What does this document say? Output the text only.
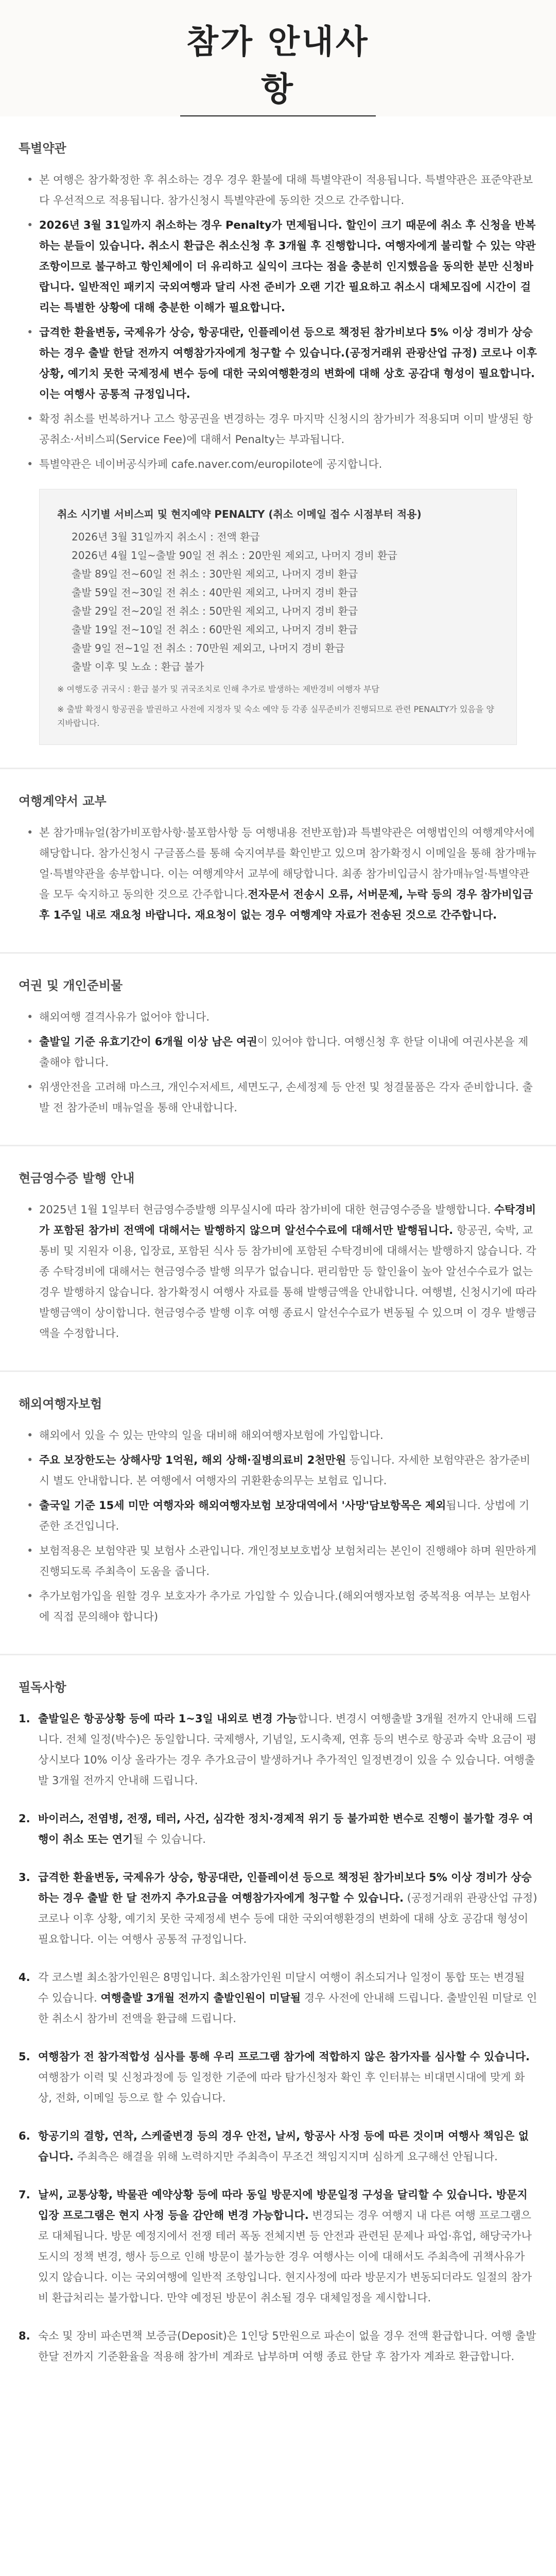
참가 안내사항
특별약관
• 본 여행은 참가확정한 후 취소하는 경우 경우 환불에 대해 특별약관이 적용됩니다. 특별약관은 표준약관보다 우선적으로 적용됩니다. 참가신청시 특별약관에 동의한 것으로 간주합니다.
• 2026년 3월 31일까지 취소하는 경우 Penalty가 면제됩니다. 할인이 크기 때문에 취소 후 신청을 반복하는 분들이 있습니다. 취소시 환급은 취소신청 후 3개월 후 진행합니다. 여행자에게 불리할 수 있는 약관 조항이므로 불구하고 항인체에이 더 유리하고 실익이 크다는 점을 충분히 인지했음을 동의한 분만 신청바랍니다. 일반적인 패키지 국외여행과 달리 사전 준비가 오랜 기간 필요하고 취소시 대체모집에 시간이 걸리는 특별한 상황에 대해 충분한 이해가 필요합니다.
• 급격한 환율변동, 국제유가 상승, 항공대란, 인플레이션 등으로 책정된 참가비보다 5% 이상 경비가 상승하는 경우 출발 한달 전까지 여행참가자에게 청구할 수 있습니다.(공정거래위 관광산업 규정) 코로나 이후 상황, 예기치 못한 국제정세 변수 등에 대한 국외여행환경의 변화에 대해 상호 공감대 형성이 필요합니다. 이는 여행사 공통적 규정입니다.
• 확정 취소를 번복하거나 고스 항공권을 변경하는 경우 마지막 신청시의 참가비가 적용되며 이미 발생된 항공취소·서비스피(Service Fee)에 대해서 Penalty는 부과됩니다.
• 특별약관은 네이버공식카페 cafe.naver.com/europilote에 공지합니다.
취소 시기별 서비스피 및 현지예약 PENALTY (취소 이메일 접수 시점부터 적용)
2026년 3월 31일까지 취소시 : 전액 환급
2026년 4월 1일~출발 90일 전 취소 : 20만원 제외고, 나머지 경비 환급
출발 89일 전~60일 전 취소 : 30만원 제외고, 나머지 경비 환급
출발 59일 전~30일 전 취소 : 40만원 제외고, 나머지 경비 환급
출발 29일 전~20일 전 취소 : 50만원 제외고, 나머지 경비 환급
출발 19일 전~10일 전 취소 : 60만원 제외고, 나머지 경비 환급
출발 9일 전~1일 전 취소 : 70만원 제외고, 나머지 경비 환급
출발 이후 및 노쇼 : 환급 불가
※ 여행도중 귀국시 : 환급 불가 및 귀국조치로 인해 추가로 발생하는 제반경비 여행자 부담
※ 출발 확정시 항공권을 발권하고 사전에 지정자 및 숙소 예약 등 각종 실무준비가 진행되므로 관련 PENALTY가 있음을 양지바랍니다.
여행계약서 교부
• 본 참가매뉴얼(참가비포함사항·불포함사항 등 여행내용 전반포함)과 특별약관은 여행법인의 여행계약서에 해당합니다. 참가신청시 구글폼스를 통해 숙지여부를 확인받고 있으며 참가확정시 이메일을 통해 참가매뉴얼·특별약관을 송부합니다. 이는 여행계약서 교부에 해당합니다. 최종 참가비입금시 참가매뉴얼·특별약관을 모두 숙지하고 동의한 것으로 간주합니다.전자문서 전송시 오류, 서버문제, 누락 등의 경우 참가비입금 후 1주일 내로 재요청 바랍니다. 재요청이 없는 경우 여행계약 자료가 전송된 것으로 간주합니다.
여권 및 개인준비물
• 해외여행 결격사유가 없어야 합니다.
• 출발일 기준 유효기간이 6개월 이상 남은 여권이 있어야 합니다. 여행신청 후 한달 이내에 여권사본을 제출해야 합니다.
• 위생안전을 고려해 마스크, 개인수저세트, 세면도구, 손세정제 등 안전 및 청결물품은 각자 준비합니다. 출발 전 참가준비 매뉴얼을 통해 안내합니다.
현금영수증 발행 안내
• 2025년 1월 1일부터 현금영수증발행 의무실시에 따라 참가비에 대한 현금영수증을 발행합니다. 수탁경비가 포함된 참가비 전액에 대해서는 발행하지 않으며 알선수수료에 대해서만 발행됩니다. 항공권, 숙박, 교통비 및 지원자 이용, 입장료, 포함된 식사 등 참가비에 포함된 수탁경비에 대해서는 발행하지 않습니다. 각종 수탁경비에 대해서는 현금영수증 발행 의무가 없습니다. 편리함만 등 할인율이 높아 알선수수료가 없는 경우 발행하지 않습니다. 참가확정시 여행사 자료를 통해 발행금액을 안내합니다. 여행별, 신청시기에 따라 발행금액이 상이합니다. 현금영수증 발행 이후 여행 종료시 알선수수료가 변동될 수 있으며 이 경우 발행금액을 수정합니다.
해외여행자보험
• 해외에서 있을 수 있는 만약의 일을 대비해 해외여행자보험에 가입합니다.
• 주요 보장한도는 상해사망 1억원, 해외 상해·질병의료비 2천만원 등입니다. 자세한 보험약관은 참가준비 시 별도 안내합니다. 본 여행에서 여행자의 귀환환송의무는 보험료 입니다.
• 출국일 기준 15세 미만 여행자와 해외여행자보험 보장대역에서 '사망'담보항목은 제외됩니다. 상법에 기준한 조건입니다.
• 보험적용은 보험약관 및 보험사 소관입니다. 개인정보보호법상 보험처리는 본인이 진행해야 하며 원만하게 진행되도록 주최측이 도움을 줍니다.
• 추가보험가입을 원할 경우 보호자가 추가로 가입할 수 있습니다.(해외여행자보험 중복적용 여부는 보험사에 직접 문의해야 합니다)
필독사항
1. 출발일은 항공상황 등에 따라 1~3일 내외로 변경 가능합니다. 변경시 여행출발 3개월 전까지 안내해 드립니다. 전체 일정(박수)은 동일합니다. 국제행사, 기념일, 도시축제, 연휴 등의 변수로 항공과 숙박 요금이 평상시보다 10% 이상 올라가는 경우 추가요금이 발생하거나 추가적인 일정변경이 있을 수 있습니다. 여행출발 3개월 전까지 안내해 드립니다.
2. 바이러스, 전염병, 전쟁, 테러, 사건, 심각한 정치·경제적 위기 등 불가피한 변수로 진행이 불가할 경우 여행이 취소 또는 연기될 수 있습니다.
3. 급격한 환율변동, 국제유가 상승, 항공대란, 인플레이션 등으로 책정된 참가비보다 5% 이상 경비가 상승하는 경우 출발 한 달 전까지 추가요금을 여행참가자에게 청구할 수 있습니다. (공정거래위 관광산업 규정) 코로나 이후 상황, 예기치 못한 국제정세 변수 등에 대한 국외여행환경의 변화에 대해 상호 공감대 형성이 필요합니다. 이는 여행사 공통적 규정입니다.
4. 각 코스별 최소참가인원은 8명입니다. 최소참가인원 미달시 여행이 취소되거나 일정이 통합 또는 변경될 수 있습니다. 여행출발 3개월 전까지 출발인원이 미달될 경우 사전에 안내해 드립니다. 출발인원 미달로 인한 취소시 참가비 전액을 환급해 드립니다.
5. 여행참가 전 참가적합성 심사를 통해 우리 프로그램 참가에 적합하지 않은 참가자를 심사할 수 있습니다. 여행참가 이력 및 신청과정에 등 일정한 기준에 따라 탐가신청자 확인 후 인터뷰는 비대면시대에 맞게 화상, 전화, 이메일 등으로 할 수 있습니다.
6. 항공기의 결항, 연착, 스케줄변경 등의 경우 안전, 날씨, 항공사 사정 등에 따른 것이며 여행사 책임은 없습니다. 주최측은 해결을 위해 노력하지만 주최측이 무조건 책임지지며 심하게 요구해선 안됩니다.
7. 날씨, 교통상황, 박물관 예약상황 등에 따라 동일 방문지에 방문일정 구성을 달리할 수 있습니다. 방문지 입장 프로그램은 현지 사정 등을 감안해 변경 가능합니다. 변경되는 경우 여행지 내 다른 여행 프로그램으로 대체됩니다. 방문 예정지에서 전쟁 테러 폭동 전체지변 등 안전과 관련된 문제나 파업·휴업, 해당국가나 도시의 정책 변경, 행사 등으로 인해 방문이 불가능한 경우 여행사는 이에 대해서도 주최측에 귀책사유가 있지 않습니다. 이는 국외여행에 일반적 조항입니다. 현지사정에 따라 방문지가 변동되더라도 일절의 참가비 환급처리는 불가합니다. 만약 예정된 방문이 취소될 경우 대체일정을 제시합니다.
8. 숙소 및 장비 파손면책 보증금(Deposit)은 1인당 5만원으로 파손이 없을 경우 전액 환급합니다. 여행 출발 한달 전까지 기준환율을 적용해 참가비 계좌로 납부하며 여행 종료 한달 후 참가자 계좌로 환급합니다.
